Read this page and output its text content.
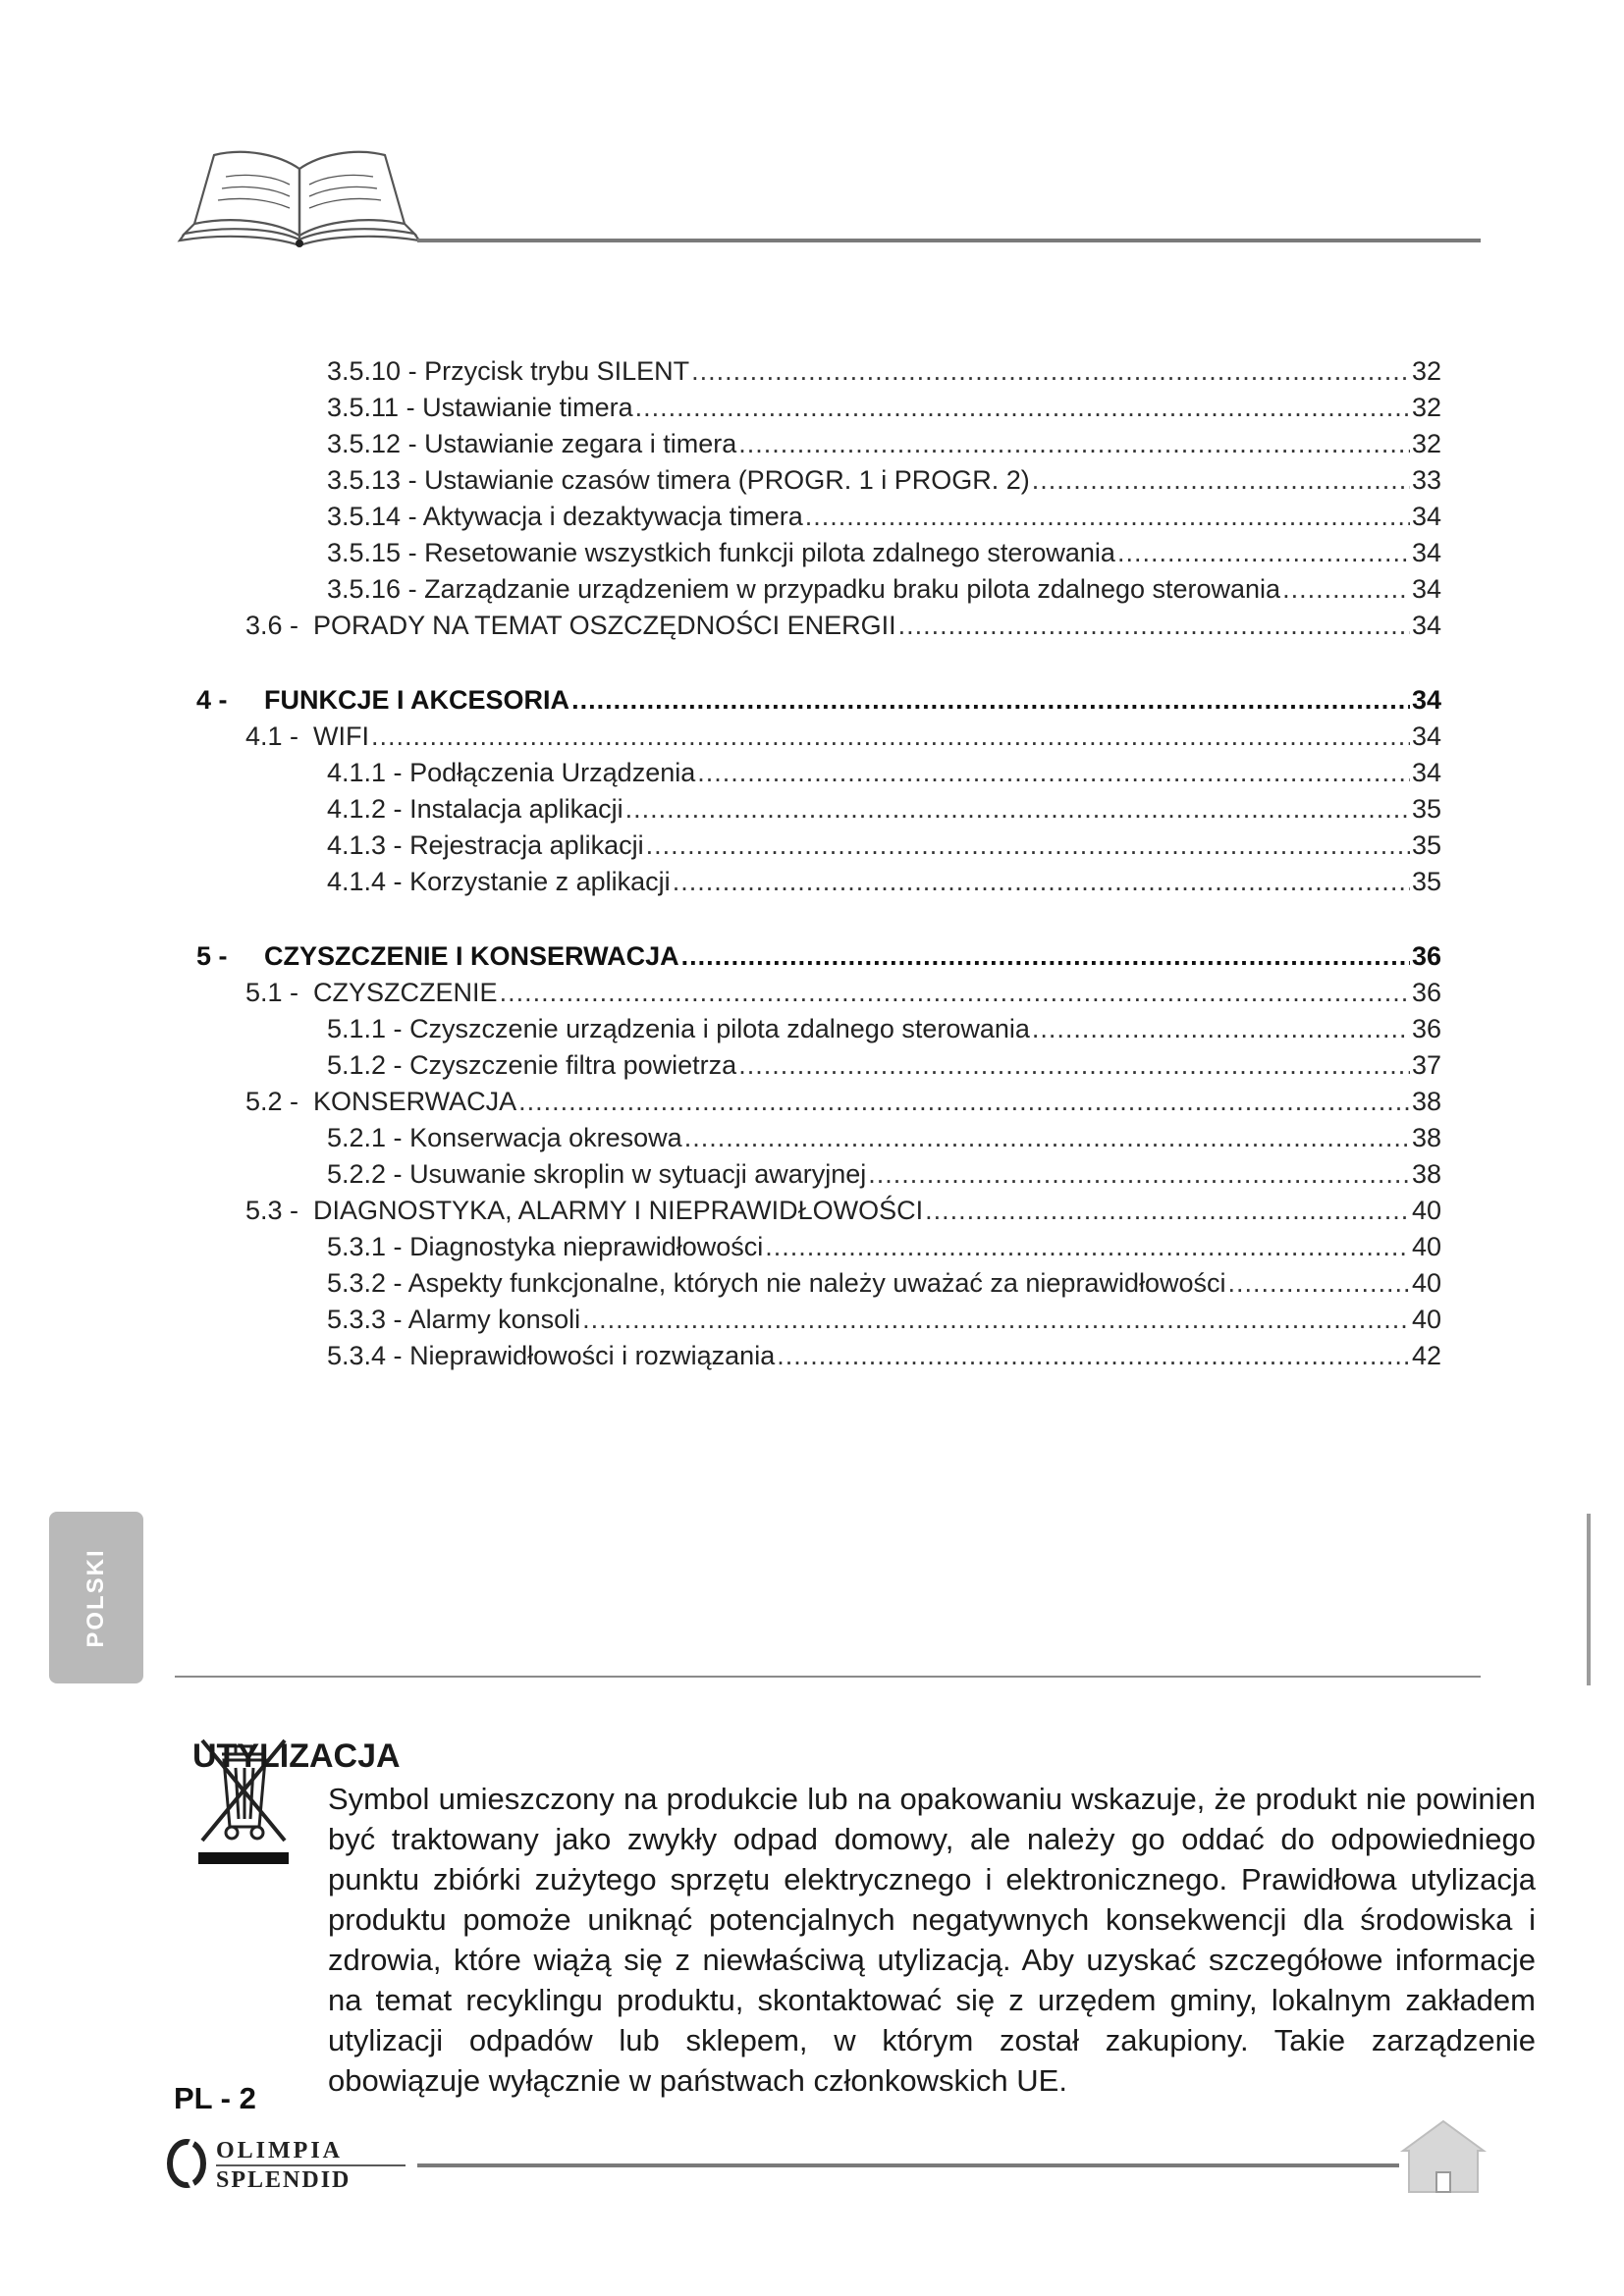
3.5.10 - Przycisk trybu SILENT .....	32
3.5.11 - Ustawianie timera .....	32
3.5.12 - Ustawianie zegara i timera .....	32
3.5.13 - Ustawianie czasów timera (PROGR. 1 i PROGR. 2) .....	33
3.5.14 - Aktywacja i dezaktywacja timera .....	34
3.5.15 - Resetowanie wszystkich funkcji pilota zdalnego sterowania .....	34
3.5.16 - Zarządzanie urządzeniem w przypadku braku pilota zdalnego sterowania .....	34
3.6 - PORADY NA TEMAT OSZCZĘDNOŚCI ENERGII .....	34
4 - FUNKCJE I AKCESORIA .....	34
4.1 - WIFI .....	34
4.1.1 - Podłączenia Urządzenia .....	34
4.1.2 - Instalacja aplikacji .....	35
4.1.3 - Rejestracja aplikacji .....	35
4.1.4 - Korzystanie z aplikacji .....	35
5 - CZYSZCZENIE I KONSERWACJA .....	36
5.1 - CZYSZCZENIE .....	36
5.1.1 - Czyszczenie urządzenia i pilota zdalnego sterowania .....	36
5.1.2 - Czyszczenie filtra powietrza .....	37
5.2 - KONSERWACJA .....	38
5.2.1 - Konserwacja okresowa .....	38
5.2.2 - Usuwanie skroplin w sytuacji awaryjnej .....	38
5.3 - DIAGNOSTYKA, ALARMY I NIEPRAWIDŁOWOŚCI .....	40
5.3.1 - Diagnostyka nieprawidłowości .....	40
5.3.2 - Aspekty funkcjonalne, których nie należy uważać za nieprawidłowości .....	40
5.3.3 - Alarmy konsoli .....	40
5.3.4 - Nieprawidłowości i rozwiązania .....	42
POLSKI
UTYLIZACJA
Symbol umieszczony na produkcie lub na opakowaniu wskazuje, że produkt nie powinien być traktowany jako zwykły odpad domowy, ale należy go oddać do odpowiedniego punktu zbiórki zużytego sprzętu elektrycznego i elektronicznego. Prawidłowa utylizacja produktu pomoże uniknąć potencjalnych negatywnych konsekwencji dla środowiska i zdrowia, które wiążą się z niewłaściwą utylizacją. Aby uzyskać szczegółowe informacje na temat recyklingu produktu, skontaktować się z urzędem gminy, lokalnym zakładem utylizacji odpadów lub sklepem, w którym został zakupiony. Takie zarządzenie obowiązuje wyłącznie w państwach członkowskich UE.
PL - 2
OLIMPIA
SPLENDID
